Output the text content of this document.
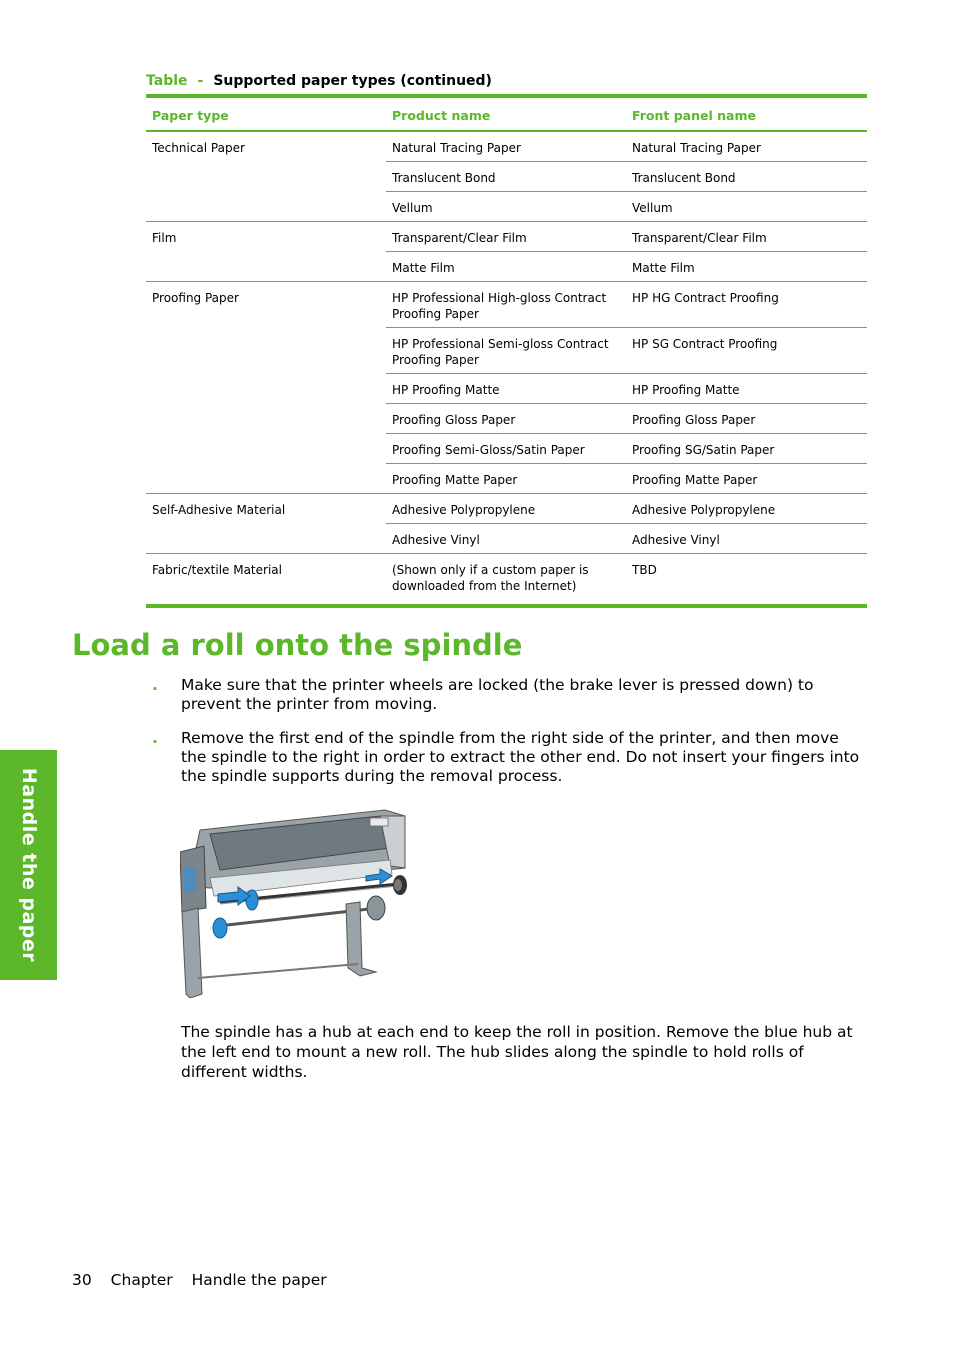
Table - Supported paper types (continued)
Paper type	Product name	Front panel name
Technical Paper	Natural Tracing Paper	Natural Tracing Paper
	Translucent Bond	Translucent Bond
	Vellum	Vellum
Film	Transparent/Clear Film	Transparent/Clear Film
	Matte Film	Matte Film
Proofing Paper	HP Professional High-gloss Contract Proofing Paper	HP HG Contract Proofing
	HP Professional Semi-gloss Contract Proofing Paper	HP SG Contract Proofing
	HP Proofing Matte	HP Proofing Matte
	Proofing Gloss Paper	Proofing Gloss Paper
	Proofing Semi-Gloss/Satin Paper	Proofing SG/Satin Paper
	Proofing Matte Paper	Proofing Matte Paper
Self-Adhesive Material	Adhesive Polypropylene	Adhesive Polypropylene
	Adhesive Vinyl	Adhesive Vinyl
Fabric/textile Material	(Shown only if a custom paper is downloaded from the Internet)	TBD
Load a roll onto the spindle
. Make sure that the printer wheels are locked (the brake lever is pressed down) to prevent the printer from moving.
. Remove the first end of the spindle from the right side of the printer, and then move the spindle to the right in order to extract the other end. Do not insert your fingers into the spindle supports during the removal process.
The spindle has a hub at each end to keep the roll in position. Remove the blue hub at the left end to mount a new roll. The hub slides along the spindle to hold rolls of different widths.
Handle the paper
30 Chapter Handle the paper
